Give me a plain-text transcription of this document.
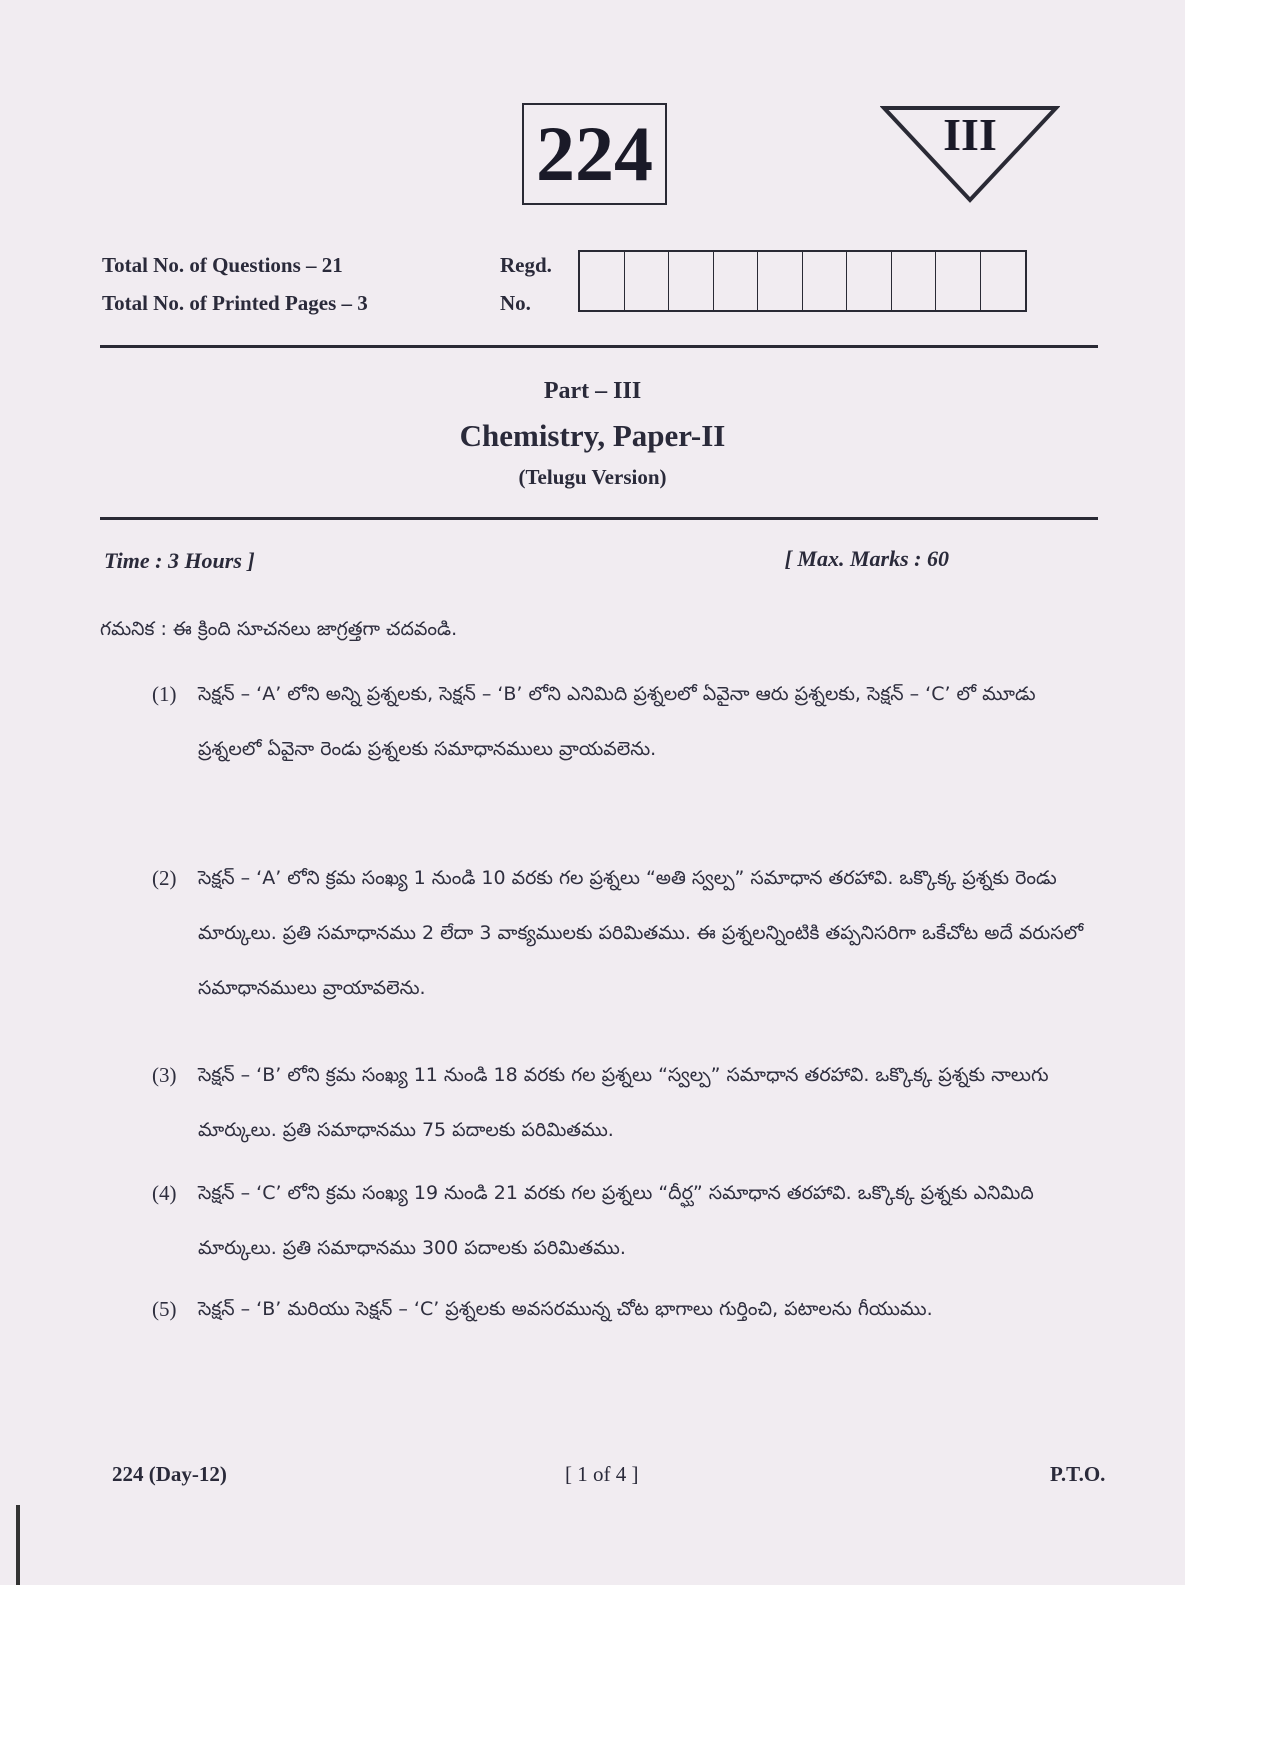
224	III
Total No. of Questions – 21
Total No. of Printed Pages – 3
Regd.
No.
Part – III
Chemistry, Paper-II
(Telugu Version)
Time : 3 Hours ]	[ Max. Marks : 60
గమనిక : ఈ క్రింది సూచనలు జాగ్రత్తగా చదవండి.
(1) సెక్షన్ – ‘A’ లోని అన్ని ప్రశ్నలకు, సెక్షన్ – ‘B’ లోని ఎనిమిది ప్రశ్నలలో ఏవైనా ఆరు ప్రశ్నలకు, సెక్షన్ – ‘C’ లో మూడు ప్రశ్నలలో ఏవైనా రెండు ప్రశ్నలకు సమాధానములు వ్రాయవలెను.
(2) సెక్షన్ – ‘A’ లోని క్రమ సంఖ్య 1 నుండి 10 వరకు గల ప్రశ్నలు “అతి స్వల్ప” సమాధాన తరహావి. ఒక్కొక్క ప్రశ్నకు రెండు మార్కులు. ప్రతి సమాధానము 2 లేదా 3 వాక్యములకు పరిమితము. ఈ ప్రశ్నలన్నింటికి తప్పనిసరిగా ఒకేచోట అదే వరుసలో సమాధానములు వ్రాయావలెను.
(3) సెక్షన్ – ‘B’ లోని క్రమ సంఖ్య 11 నుండి 18 వరకు గల ప్రశ్నలు “స్వల్ప” సమాధాన తరహావి. ఒక్కొక్క ప్రశ్నకు నాలుగు మార్కులు. ప్రతి సమాధానము 75 పదాలకు పరిమితము.
(4) సెక్షన్ – ‘C’ లోని క్రమ సంఖ్య 19 నుండి 21 వరకు గల ప్రశ్నలు “దీర్ఘ” సమాధాన తరహావి. ఒక్కొక్క ప్రశ్నకు ఎనిమిది మార్కులు. ప్రతి సమాధానము 300 పదాలకు పరిమితము.
(5) సెక్షన్ – ‘B’ మరియు సెక్షన్ – ‘C’ ప్రశ్నలకు అవసరమున్న చోట భాగాలు గుర్తించి, పటాలను గీయుము.
224 (Day-12)	[ 1 of 4 ]	P.T.O.
